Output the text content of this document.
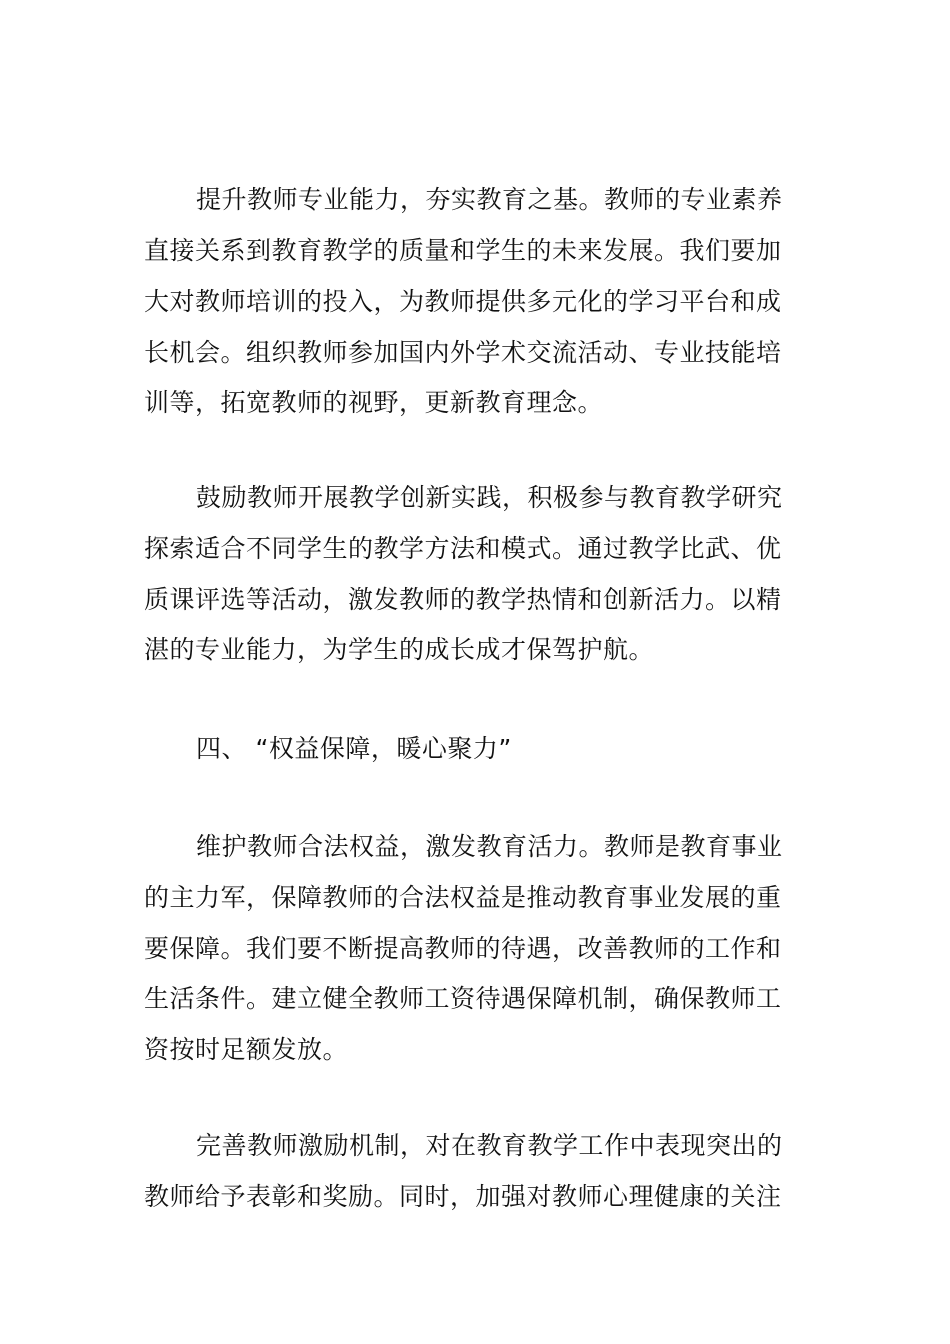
提升教师专业能力，夯实教育之基。教师的专业素养
直接关系到教育教学的质量和学生的未来发展。我们要加
大对教师培训的投入，为教师提供多元化的学习平台和成
长机会。组织教师参加国内外学术交流活动、专业技能培
训等，拓宽教师的视野，更新教育理念。
鼓励教师开展教学创新实践，积极参与教育教学研究
探索适合不同学生的教学方法和模式。通过教学比武、优
质课评选等活动，激发教师的教学热情和创新活力。以精
湛的专业能力，为学生的成长成才保驾护航。
四、 “权益保障，暖心聚力”
维护教师合法权益，激发教育活力。教师是教育事业
的主力军，保障教师的合法权益是推动教育事业发展的重
要保障。我们要不断提高教师的待遇，改善教师的工作和
生活条件。建立健全教师工资待遇保障机制，确保教师工
资按时足额发放。
完善教师激励机制，对在教育教学工作中表现突出的
教师给予表彰和奖励。同时，加强对教师心理健康的关注
